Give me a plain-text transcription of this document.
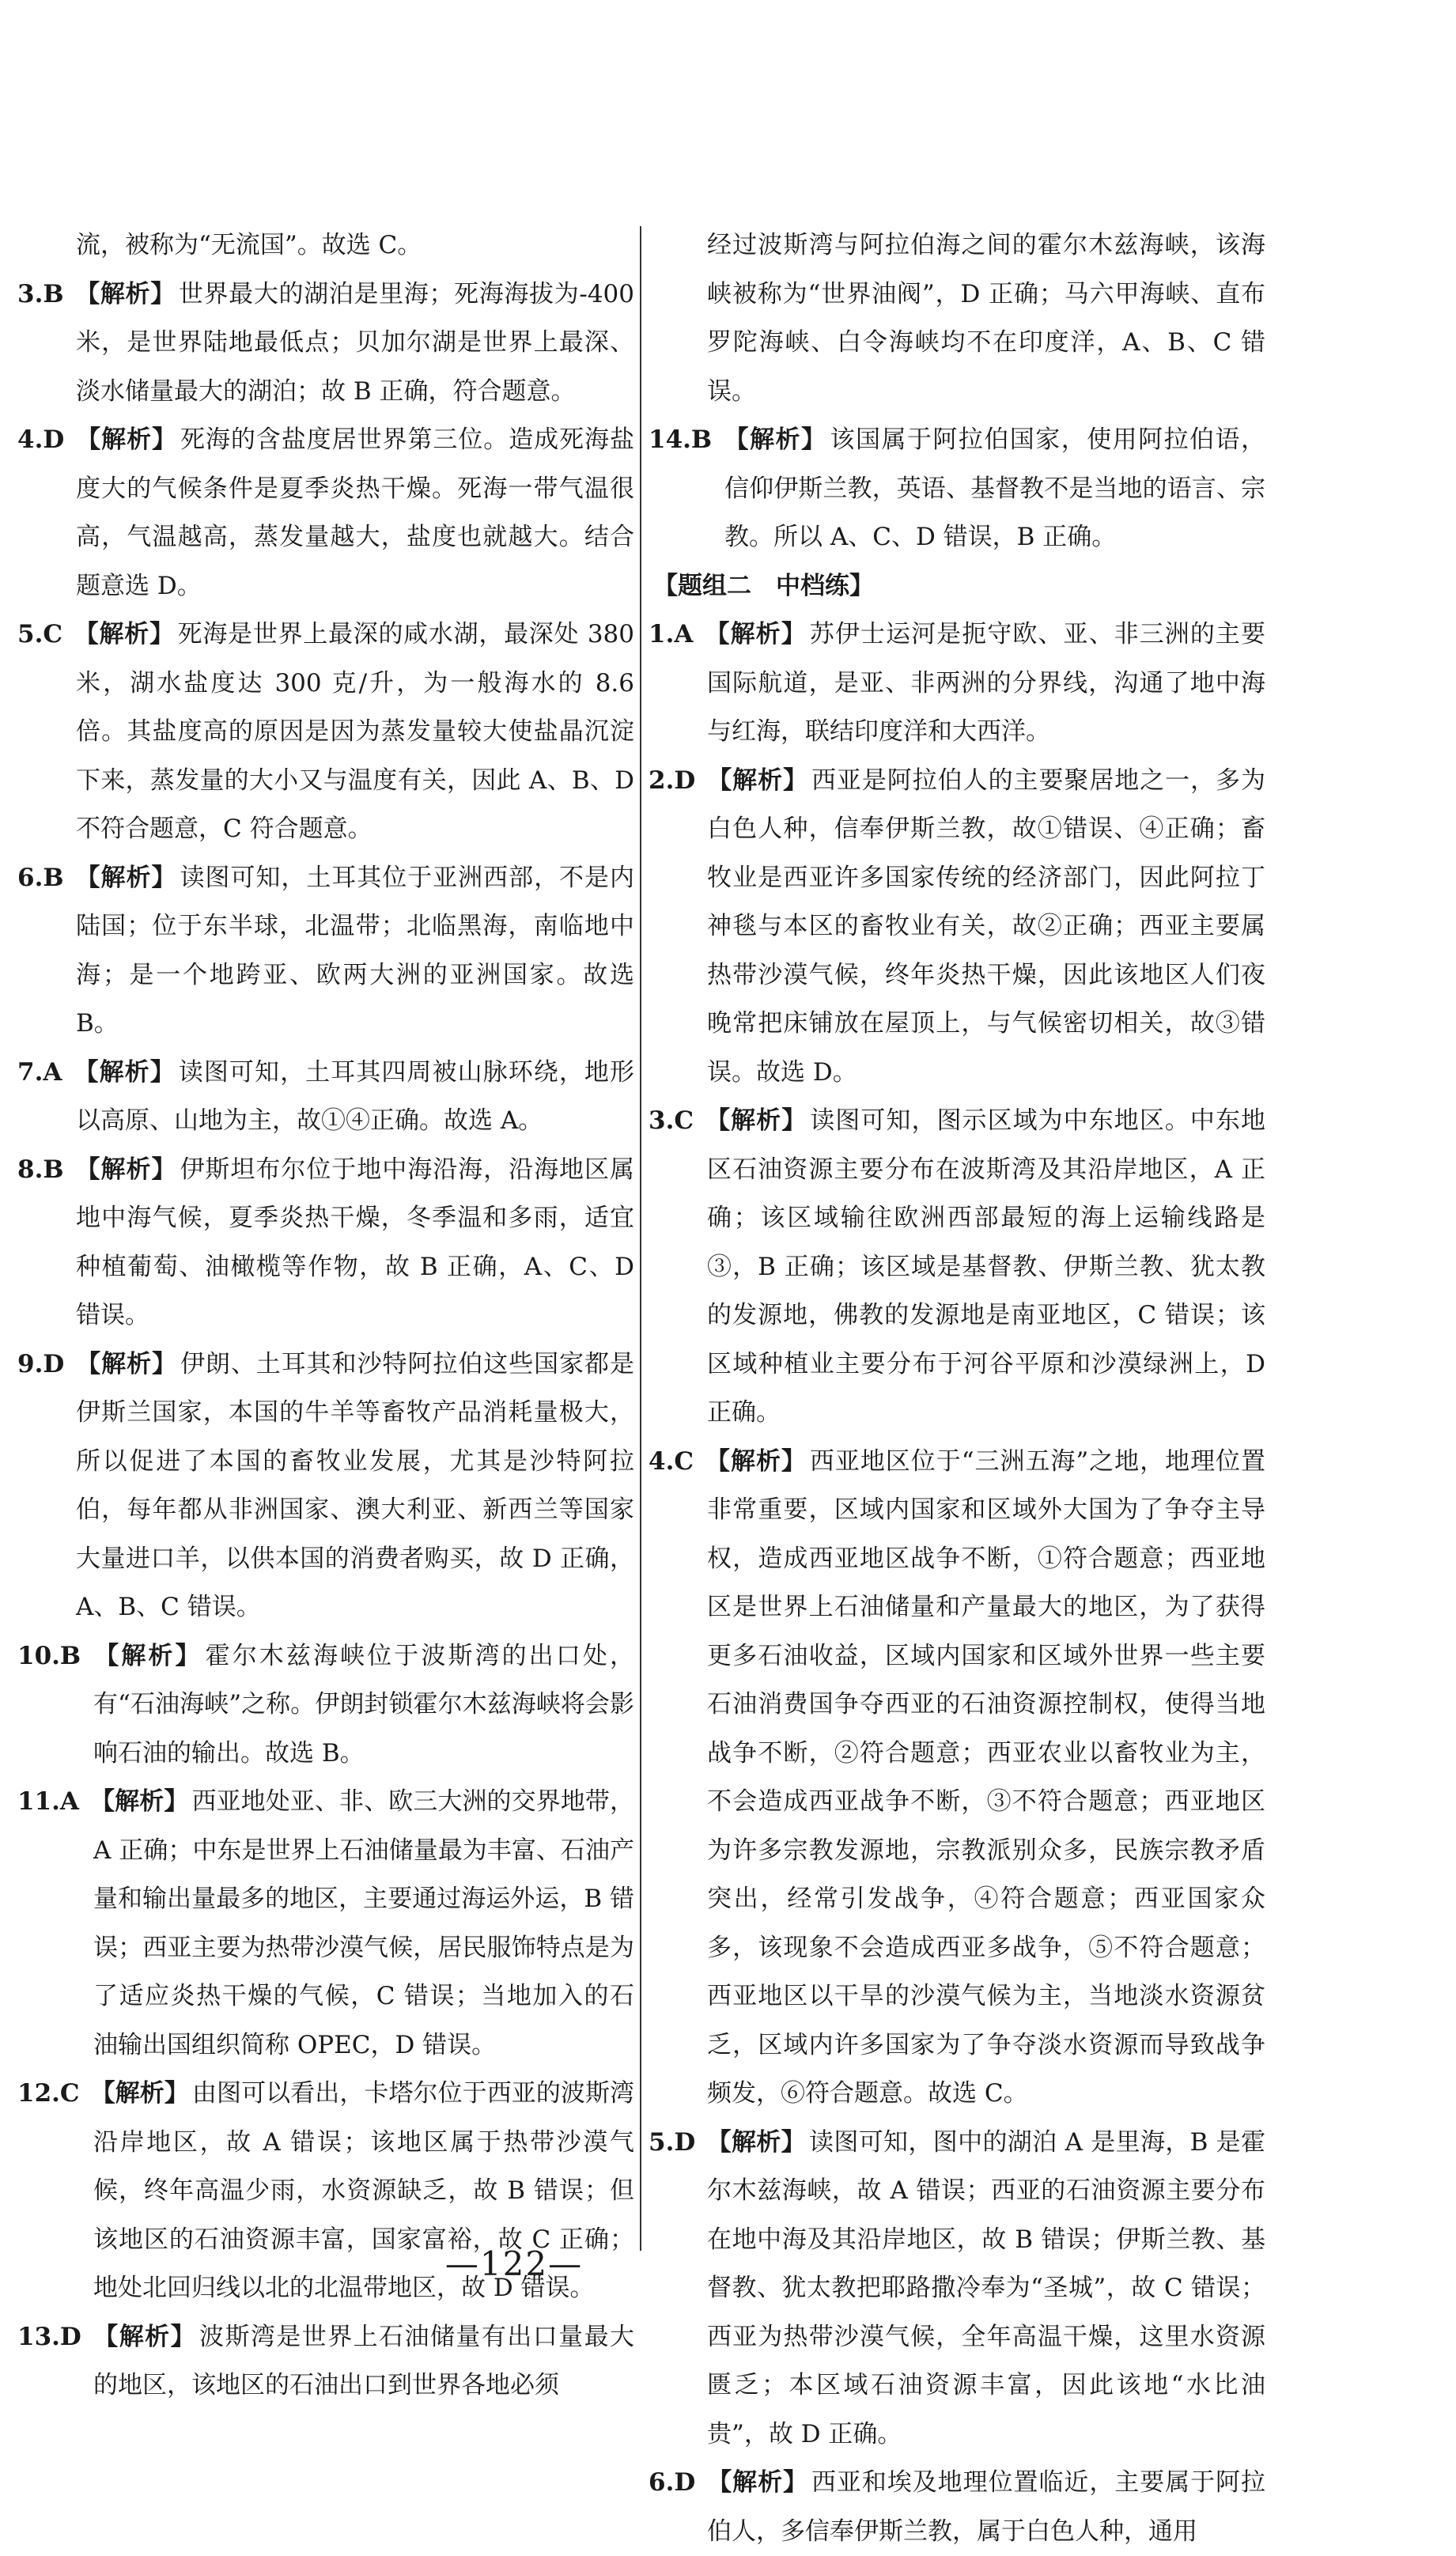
流，被称为“无流国”。故选 C。

3.B 【解析】 世界最大的湖泊是里海；死海海拔为-400 米，是世界陆地最低点；贝加尔湖是世界上最深、淡水储量最大的湖泊；故 B 正确，符合题意。

4.D 【解析】 死海的含盐度居世界第三位。造成死海盐度大的气候条件是夏季炎热干燥。死海一带气温很高，气温越高，蒸发量越大，盐度也就越大。结合题意选 D。

5.C 【解析】 死海是世界上最深的咸水湖，最深处 380 米，湖水盐度达 300 克/升，为一般海水的 8.6 倍。其盐度高的原因是因为蒸发量较大使盐晶沉淀下来，蒸发量的大小又与温度有关，因此 A、B、D 不符合题意，C 符合题意。

6.B 【解析】 读图可知，土耳其位于亚洲西部，不是内陆国；位于东半球，北温带；北临黑海，南临地中海；是一个地跨亚、欧两大洲的亚洲国家。故选 B。

7.A 【解析】 读图可知，土耳其四周被山脉环绕，地形以高原、山地为主，故①④正确。故选 A。

8.B 【解析】 伊斯坦布尔位于地中海沿海，沿海地区属地中海气候，夏季炎热干燥，冬季温和多雨，适宜种植葡萄、油橄榄等作物，故 B 正确，A、C、D 错误。

9.D 【解析】 伊朗、土耳其和沙特阿拉伯这些国家都是伊斯兰国家，本国的牛羊等畜牧产品消耗量极大，所以促进了本国的畜牧业发展，尤其是沙特阿拉伯，每年都从非洲国家、澳大利亚、新西兰等国家大量进口羊，以供本国的消费者购买，故 D 正确，A、B、C 错误。

10.B 【解析】 霍尔木兹海峡位于波斯湾的出口处，有“石油海峡”之称。伊朗封锁霍尔木兹海峡将会影响石油的输出。故选 B。

11.A 【解析】 西亚地处亚、非、欧三大洲的交界地带，A 正确；中东是世界上石油储量最为丰富、石油产量和输出量最多的地区，主要通过海运外运，B 错误；西亚主要为热带沙漠气候，居民服饰特点是为了适应炎热干燥的气候，C 错误；当地加入的石油输出国组织简称 OPEC，D 错误。

12.C 【解析】 由图可以看出，卡塔尔位于西亚的波斯湾沿岸地区，故 A 错误；该地区属于热带沙漠气候，终年高温少雨，水资源缺乏，故 B 错误；但该地区的石油资源丰富，国家富裕，故 C 正确；地处北回归线以北的北温带地区，故 D 错误。

13.D 【解析】 波斯湾是世界上石油储量有出口量最大的地区，该地区的石油出口到世界各地必须

经过波斯湾与阿拉伯海之间的霍尔木兹海峡，该海峡被称为“世界油阀”，D 正确；马六甲海峡、直布罗陀海峡、白令海峡均不在印度洋，A、B、C 错误。

14.B 【解析】 该国属于阿拉伯国家，使用阿拉伯语，信仰伊斯兰教，英语、基督教不是当地的语言、宗教。所以 A、C、D 错误，B 正确。

【题组二　中档练】

1.A 【解析】 苏伊士运河是扼守欧、亚、非三洲的主要国际航道，是亚、非两洲的分界线，沟通了地中海与红海，联结印度洋和大西洋。

2.D 【解析】 西亚是阿拉伯人的主要聚居地之一，多为白色人种，信奉伊斯兰教，故①错误、④正确；畜牧业是西亚许多国家传统的经济部门，因此阿拉丁神毯与本区的畜牧业有关，故②正确；西亚主要属热带沙漠气候，终年炎热干燥，因此该地区人们夜晚常把床铺放在屋顶上，与气候密切相关，故③错误。故选 D。

3.C 【解析】 读图可知，图示区域为中东地区。中东地区石油资源主要分布在波斯湾及其沿岸地区，A 正确；该区域输往欧洲西部最短的海上运输线路是③，B 正确；该区域是基督教、伊斯兰教、犹太教的发源地，佛教的发源地是南亚地区，C 错误；该区域种植业主要分布于河谷平原和沙漠绿洲上，D 正确。

4.C 【解析】 西亚地区位于“三洲五海”之地，地理位置非常重要，区域内国家和区域外大国为了争夺主导权，造成西亚地区战争不断，①符合题意；西亚地区是世界上石油储量和产量最大的地区，为了获得更多石油收益，区域内国家和区域外世界一些主要石油消费国争夺西亚的石油资源控制权，使得当地战争不断，②符合题意；西亚农业以畜牧业为主，不会造成西亚战争不断，③不符合题意；西亚地区为许多宗教发源地，宗教派别众多，民族宗教矛盾突出，经常引发战争，④符合题意；西亚国家众多，该现象不会造成西亚多战争，⑤不符合题意；西亚地区以干旱的沙漠气候为主，当地淡水资源贫乏，区域内许多国家为了争夺淡水资源而导致战争频发，⑥符合题意。故选 C。

5.D 【解析】 读图可知，图中的湖泊 A 是里海，B 是霍尔木兹海峡，故 A 错误；西亚的石油资源主要分布在地中海及其沿岸地区，故 B 错误；伊斯兰教、基督教、犹太教把耶路撒冷奉为“圣城”，故 C 错误；西亚为热带沙漠气候，全年高温干燥，这里水资源匮乏；本区域石油资源丰富，因此该地“水比油贵”，故 D 正确。

6.D 【解析】 西亚和埃及地理位置临近，主要属于阿拉伯人，多信奉伊斯兰教，属于白色人种，通用

—122—
